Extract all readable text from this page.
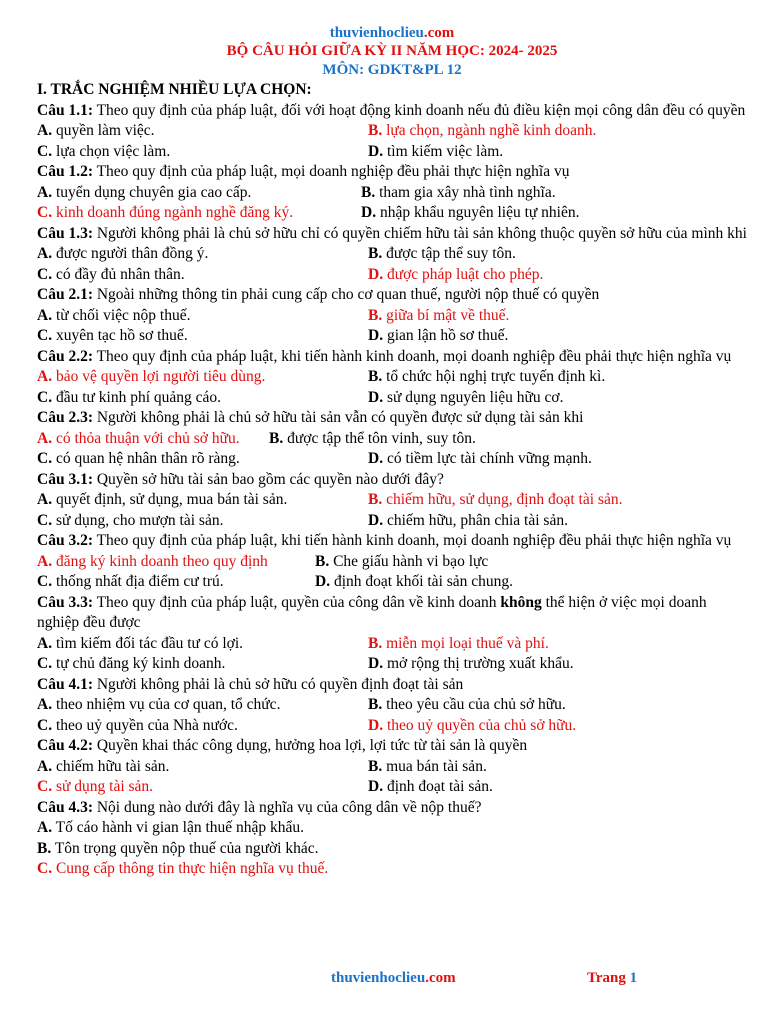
thuvienhoclieu.com
BỘ CÂU HỎI GIỮA KỲ II NĂM HỌC: 2024- 2025
MÔN: GDKT&PL 12
I. TRẮC NGHIỆM NHIỀU LỰA CHỌN:
Câu 1.1: Theo quy định của pháp luật, đối với hoạt động kinh doanh nếu đủ điều kiện mọi công dân đều có quyền
A. quyền làm việc.	B. lựa chọn, ngành nghề kinh doanh.
C. lựa chọn việc làm.	D. tìm kiếm việc làm.
Câu 1.2: Theo quy định của pháp luật, mọi doanh nghiệp đều phải thực hiện nghĩa vụ
A. tuyển dụng chuyên gia cao cấp.	B. tham gia xây nhà tình nghĩa.
C. kinh doanh đúng ngành nghề đăng ký.	D. nhập khẩu nguyên liệu tự nhiên.
Câu 1.3: Người không phải là chủ sở hữu chỉ có quyền chiếm hữu tài sản không thuộc quyền sở hữu của mình khi
A. được người thân đồng ý.	B. được tập thể suy tôn.
C. có đầy đủ nhân thân.	D. được pháp luật cho phép.
Câu 2.1: Ngoài những thông tin phải cung cấp cho cơ quan thuế, người nộp thuế có quyền
A. từ chối việc nộp thuế.	B. giữa bí mật về thuế.
C. xuyên tạc hồ sơ thuế.	D. gian lận hồ sơ thuế.
Câu 2.2: Theo quy định của pháp luật, khi tiến hành kinh doanh, mọi doanh nghiệp đều phải thực hiện nghĩa vụ
A. bảo vệ quyền lợi người tiêu dùng.	B. tổ chức hội nghị trực tuyến định kì.
C. đầu tư kinh phí quảng cáo.	D. sử dụng nguyên liệu hữu cơ.
Câu 2.3: Người không phải là chủ sở hữu tài sản vẫn có quyền được sử dụng tài sản khi
A. có thỏa thuận với chủ sở hữu. B. được tập thể tôn vinh, suy tôn.
C. có quan hệ nhân thân rõ ràng.	D. có tiềm lực tài chính vững mạnh.
Câu 3.1: Quyền sở hữu tài sản bao gồm các quyền nào dưới đây?
A. quyết định, sử dụng, mua bán tài sản.	B. chiếm hữu, sử dụng, định đoạt tài sản.
C. sử dụng, cho mượn tài sản.	D. chiếm hữu, phân chia tài sản.
Câu 3.2: Theo quy định của pháp luật, khi tiến hành kinh doanh, mọi doanh nghiệp đều phải thực hiện nghĩa vụ
A. đăng ký kinh doanh theo quy định	B. Che giấu hành vi bạo lực
C. thống nhất địa điểm cư trú.	D. định đoạt khối tài sản chung.
Câu 3.3: Theo quy định của pháp luật, quyền của công dân về kinh doanh không thể hiện ở việc mọi doanh nghiệp đều được
A. tìm kiếm đối tác đầu tư có lợi.	B. miễn mọi loại thuế và phí.
C. tự chủ đăng ký kinh doanh.	D. mở rộng thị trường xuất khẩu.
Câu 4.1: Người không phải là chủ sở hữu có quyền định đoạt tài sản
A. theo nhiệm vụ của cơ quan, tổ chức.	B. theo yêu cầu của chủ sở hữu.
C. theo uỷ quyền của Nhà nước.	D. theo uỷ quyền của chủ sở hữu.
Câu 4.2: Quyền khai thác công dụng, hưởng hoa lợi, lợi tức từ tài sản là quyền
A. chiếm hữu tài sản.	B. mua bán tài sản.
C. sử dụng tài sản.	D. định đoạt tài sản.
Câu 4.3: Nội dung nào dưới đây là nghĩa vụ của công dân về nộp thuế?
A. Tố cáo hành vi gian lận thuế nhập khẩu.
B. Tôn trọng quyền nộp thuế của người khác.
C. Cung cấp thông tin thực hiện nghĩa vụ thuế.
thuvienhoclieu.com	Trang 1
